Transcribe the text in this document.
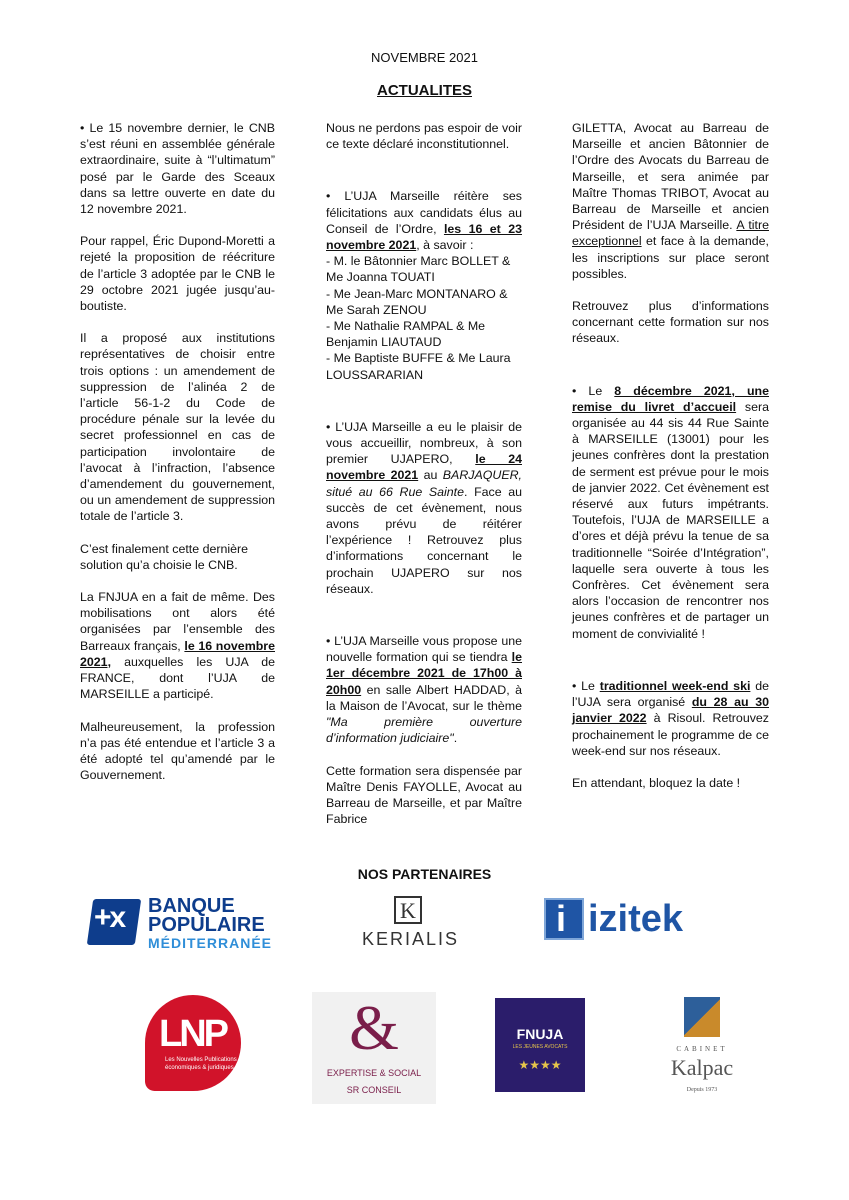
NOVEMBRE 2021
ACTUALITES

• Le 15 novembre dernier, le CNB s’est réuni en assemblée générale extraordinaire, suite à “l’ultimatum” posé par le Garde des Sceaux dans sa lettre ouverte en date du 12 novembre 2021.

Pour rappel, Éric Dupond-Moretti a rejeté la proposition de réécriture de l’article 3 adoptée par le CNB le 29 octobre 2021 jugée jusqu’au-boutiste.

Il a proposé aux institutions représentatives de choisir entre trois options : un amendement de suppression de l’alinéa 2 de l’article 56-1-2 du Code de procédure pénale sur la levée du secret professionnel en cas de participation involontaire de l’avocat à l’infraction, l’absence d’amendement du gouvernement, ou un amendement de suppression totale de l’article 3.

C’est finalement cette dernière solution qu’a choisie le CNB.

La FNJUA en a fait de même. Des mobilisations ont alors été organisées par l’ensemble des Barreaux français, le 16 novembre 2021, auxquelles les UJA de FRANCE, dont l’UJA de MARSEILLE a participé.

Malheureusement, la profession n’a pas été entendue et l’article 3 a été adopté tel qu’amendé par le Gouvernement.

Nous ne perdons pas espoir de voir ce texte déclaré inconstitutionnel.

• L’UJA Marseille réitère ses félicitations aux candidats élus au Conseil de l’Ordre, les 16 et 23 novembre 2021, à savoir :

- M. le Bâtonnier Marc BOLLET & Me Joanna TOUATI
- Me Jean-Marc MONTANARO & Me Sarah ZENOU
- Me Nathalie RAMPAL & Me Benjamin LIAUTAUD
- Me Baptiste BUFFE & Me Laura LOUSSARARIAN

• L’UJA Marseille a eu le plaisir de vous accueillir, nombreux, à son premier UJAPERO, le 24 novembre 2021 au BARJAQUER, situé au 66 Rue Sainte. Face au succès de cet évènement, nous avons prévu de réitérer l’expérience ! Retrouvez plus d’informations concernant le prochain UJAPERO sur nos réseaux.

• L’UJA Marseille vous propose une nouvelle formation qui se tiendra le 1er décembre 2021 de 17h00 à 20h00 en salle Albert HADDAD, à la Maison de l’Avocat, sur le thème "Ma première ouverture d’information judiciaire".

Cette formation sera dispensée par Maître Denis FAYOLLE, Avocat au Barreau de Marseille, et par Maître Fabrice

GILETTA, Avocat au Barreau de Marseille et ancien Bâtonnier de l’Ordre des Avocats du Barreau de Marseille, et sera animée par Maître Thomas TRIBOT, Avocat au Barreau de Marseille et ancien Président de l’UJA Marseille. A titre exceptionnel et face à la demande, les inscriptions sur place seront possibles.

Retrouvez plus d’informations concernant cette formation sur nos réseaux.

• Le 8 décembre 2021, une remise du livret d’accueil sera organisée au 44 sis 44 Rue Sainte à MARSEILLE (13001) pour les jeunes confrères dont la prestation de serment est prévue pour le mois de janvier 2022. Cet évènement est réservé aux futurs impétrants. Toutefois, l’UJA de MARSEILLE a d’ores et déjà prévu la tenue de sa traditionnelle “Soirée d’Intégration”, laquelle sera ouverte à tous les Confrères. Cet évènement sera alors l’occasion de rencontrer nos jeunes confrères et de partager un moment de convivialité !

• Le traditionnel week-end ski de l’UJA sera organisé du 28 au 30 janvier 2022 à Risoul. Retrouvez prochainement le programme de ce week-end sur nos réseaux.

En attendant, bloquez la date !

NOS PARTENAIRES
+x	BANQUE
POPULAIRE
MÉDITERRANÉE
K
KERIALIS	i izitek
LNP
Les Nouvelles Publications
économiques & juridiques
&
EXPERTISE & SOCIAL
SR CONSEIL
FNUJA
LES JEUNES AVOCATS
★★★★
CABINET
Kalpac
Depuis 1973
